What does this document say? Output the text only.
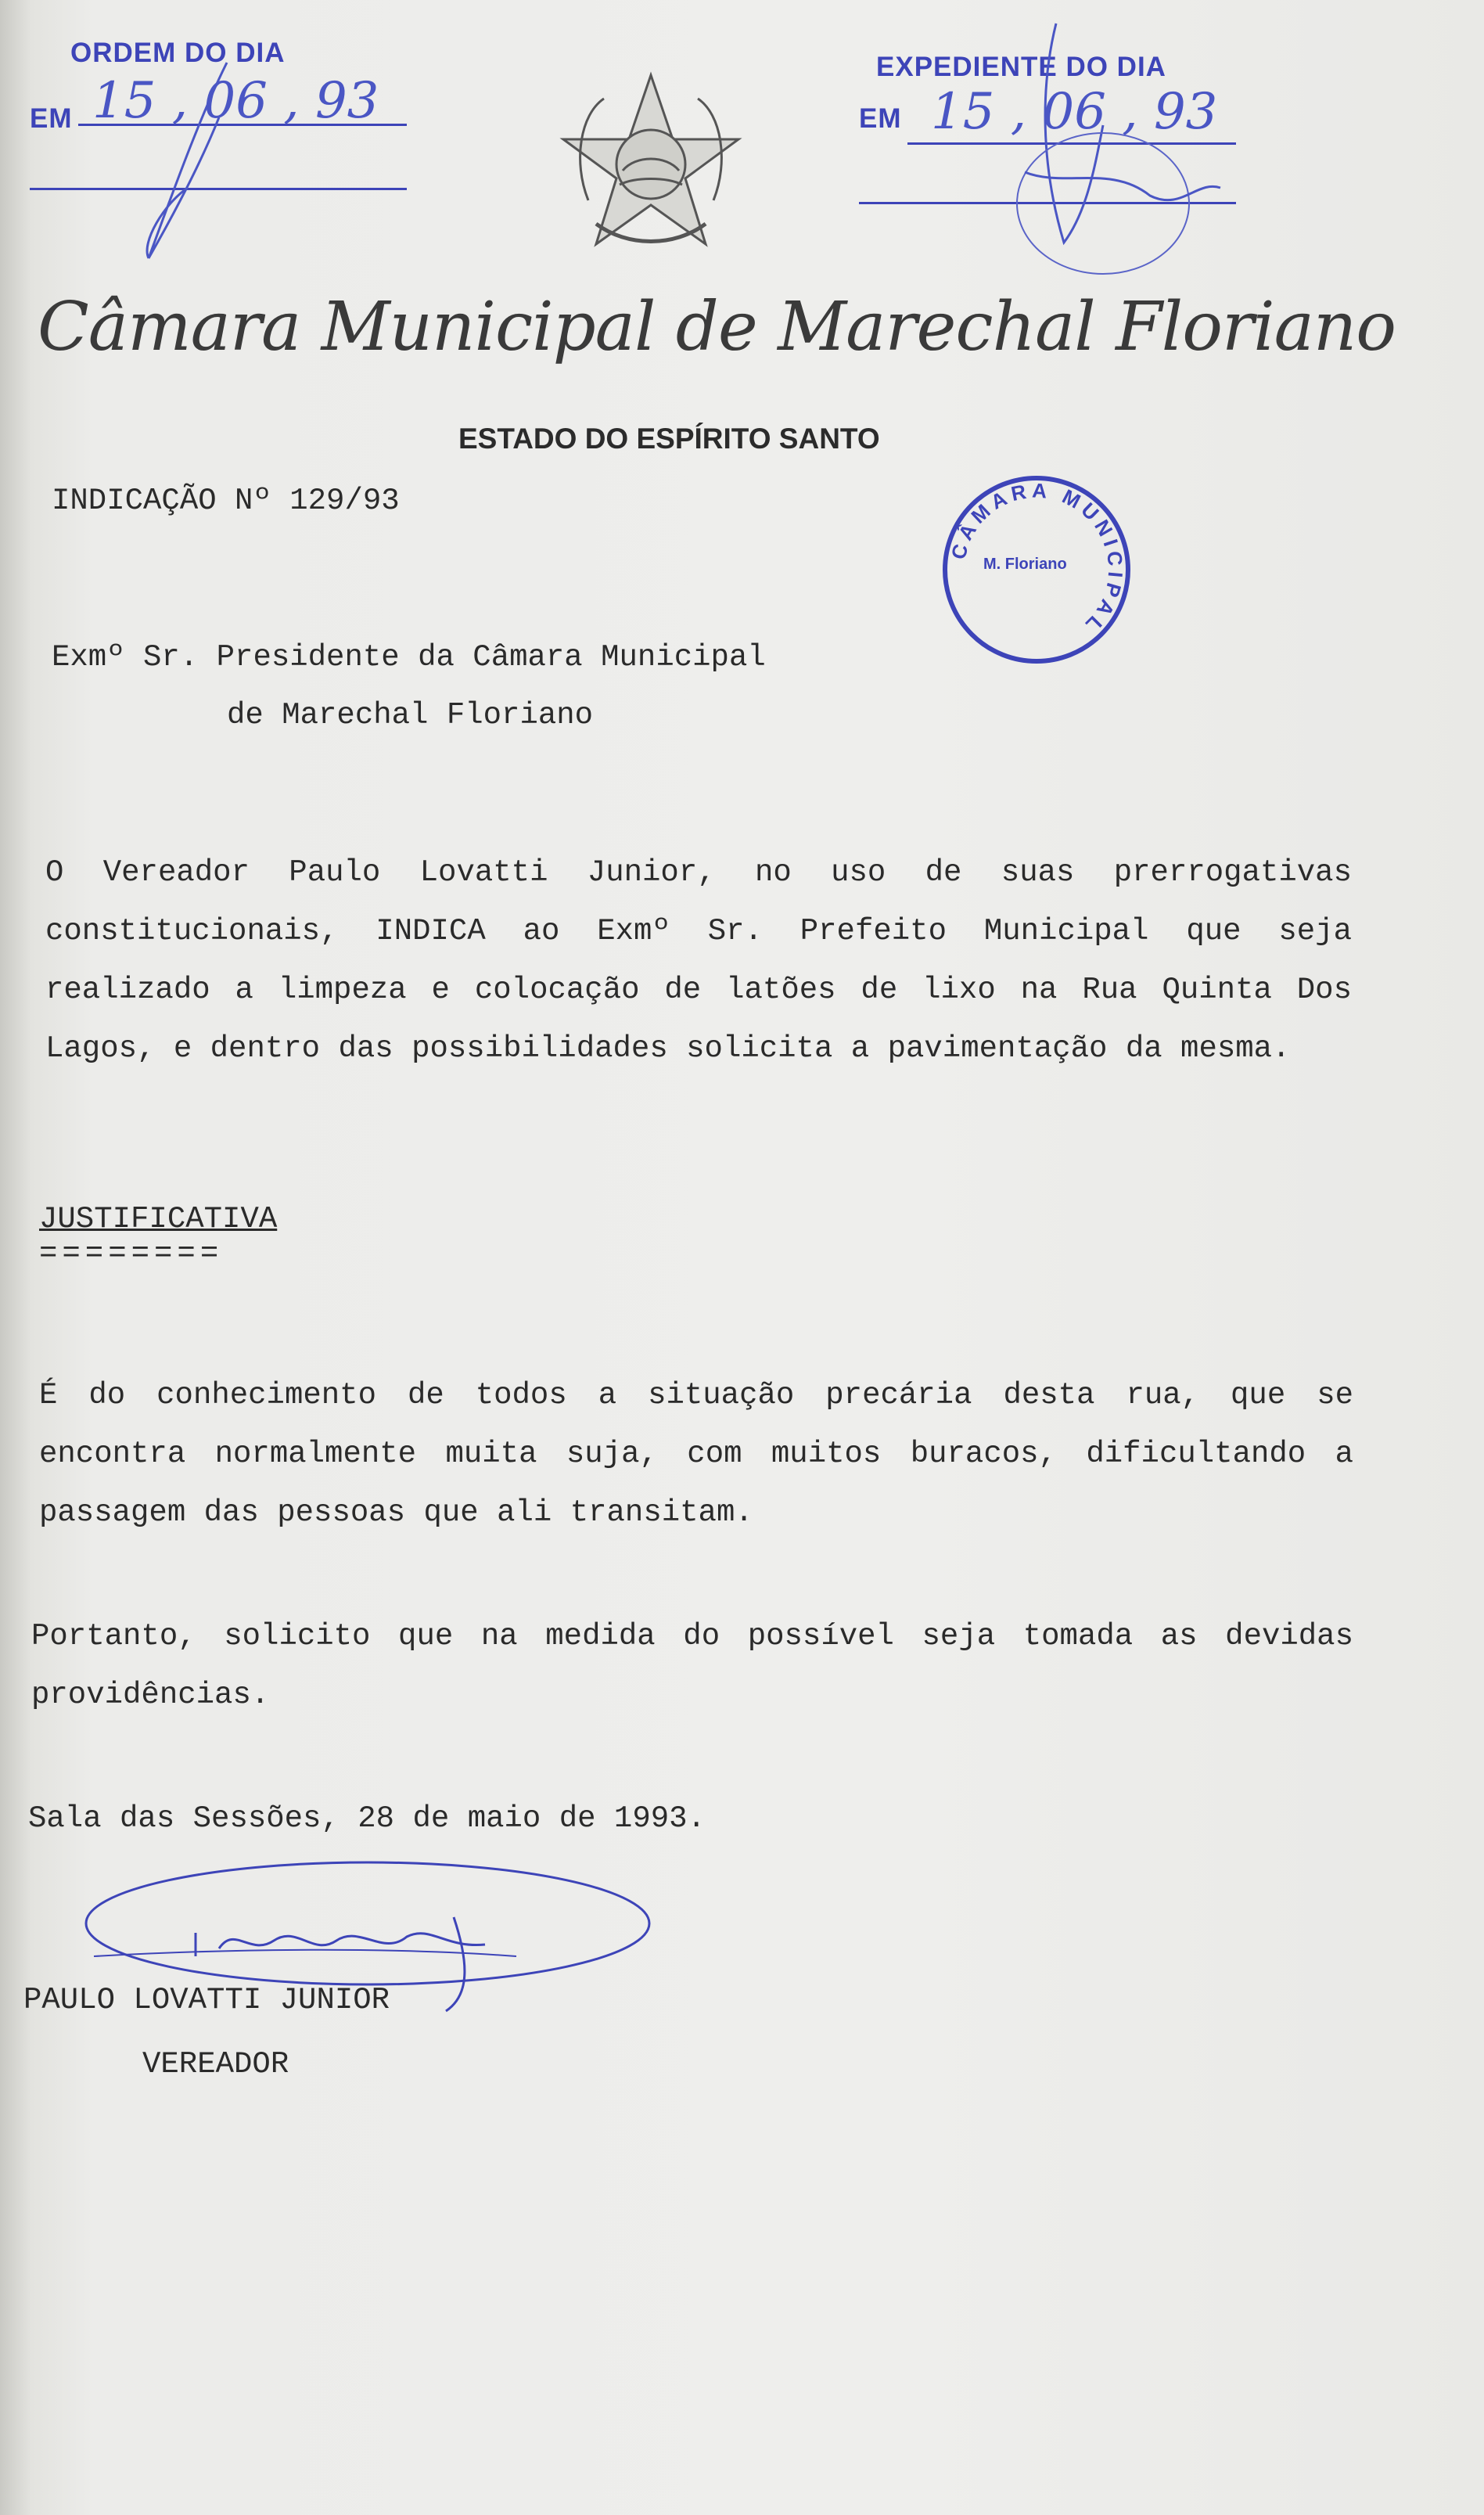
ORDEM DO DIA
EM 15 , 06 , 93
EXPEDIENTE DO DIA
EM 15 , 06 , 93
Câmara Municipal de Marechal Floriano
ESTADO DO ESPÍRITO SANTO
CÂMARA MUNICIPAL
M. Floriano
INDICAÇÃO Nº 129/93
Exmº Sr. Presidente da Câmara Municipal
de Marechal Floriano
O Vereador Paulo Lovatti Junior, no uso de suas prerrogativas constitucionais, INDICA ao Exmº Sr. Prefeito Municipal que seja realizado a limpeza e colocação de latões de lixo na Rua Quinta Dos Lagos, e dentro das possibilidades solicita a pavimentação da mesma.
JUSTIFICATIVA
========
É do conhecimento de todos a situação precária desta rua, que se encontra normalmente muita suja, com muitos buracos, dificultando a passagem das pessoas que ali transitam.
Portanto, solicito que na medida do possível seja tomada as devidas providências.
Sala das Sessões, 28 de maio de 1993.
PAULO LOVATTI JUNIOR
VEREADOR
